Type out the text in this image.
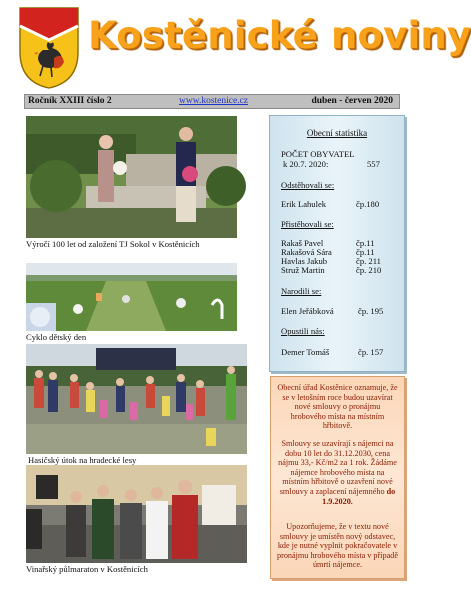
Kostěnické noviny
Ročník XXIII číslo 2	www.kostenice.cz	duben - červen 2020
Výročí 100 let od založení TJ Sokol v Kostěnicích
Cyklo dětský den
Hasičský útok na hradecké lesy
Vinařský půlmaraton v Kostěnicích
Obecní statistika
POČET OBYVATEL
k 20.7. 2020:	557
Odstěhovali se:
Erik Lahulek	čp.180
Přistěhovali se:
Rakaš Pavel	čp.11
Rakašová Sára	čp.11
Havlas Jakub	čp. 211
Struž Martin	čp. 210
Narodili se:
Elen Jeřábková	čp. 195
Opustili nás:
Demer Tomáš	čp. 157

Obecní úřad Kostěnice oznamuje, že se v letošním roce budou uzavírat nové smlouvy o pronájmu hrobového místa na místním hřbitově.

Smlouvy se uzavírají s nájemci na dobu 10 let do 31.12.2030, cena nájmu 33,- Kč/m2 za 1 rok. Žádáme nájemce hrobového místa na místním hřbitově o uzavření nové smlouvy a zaplacení nájemného do 1.9.2020.

Upozorňujeme, že v textu nové smlouvy je umístěn nový odstavec, kde je nutné vyplnit pokračovatele v pronájmu hrobového místa v případě úmrtí nájemce.
